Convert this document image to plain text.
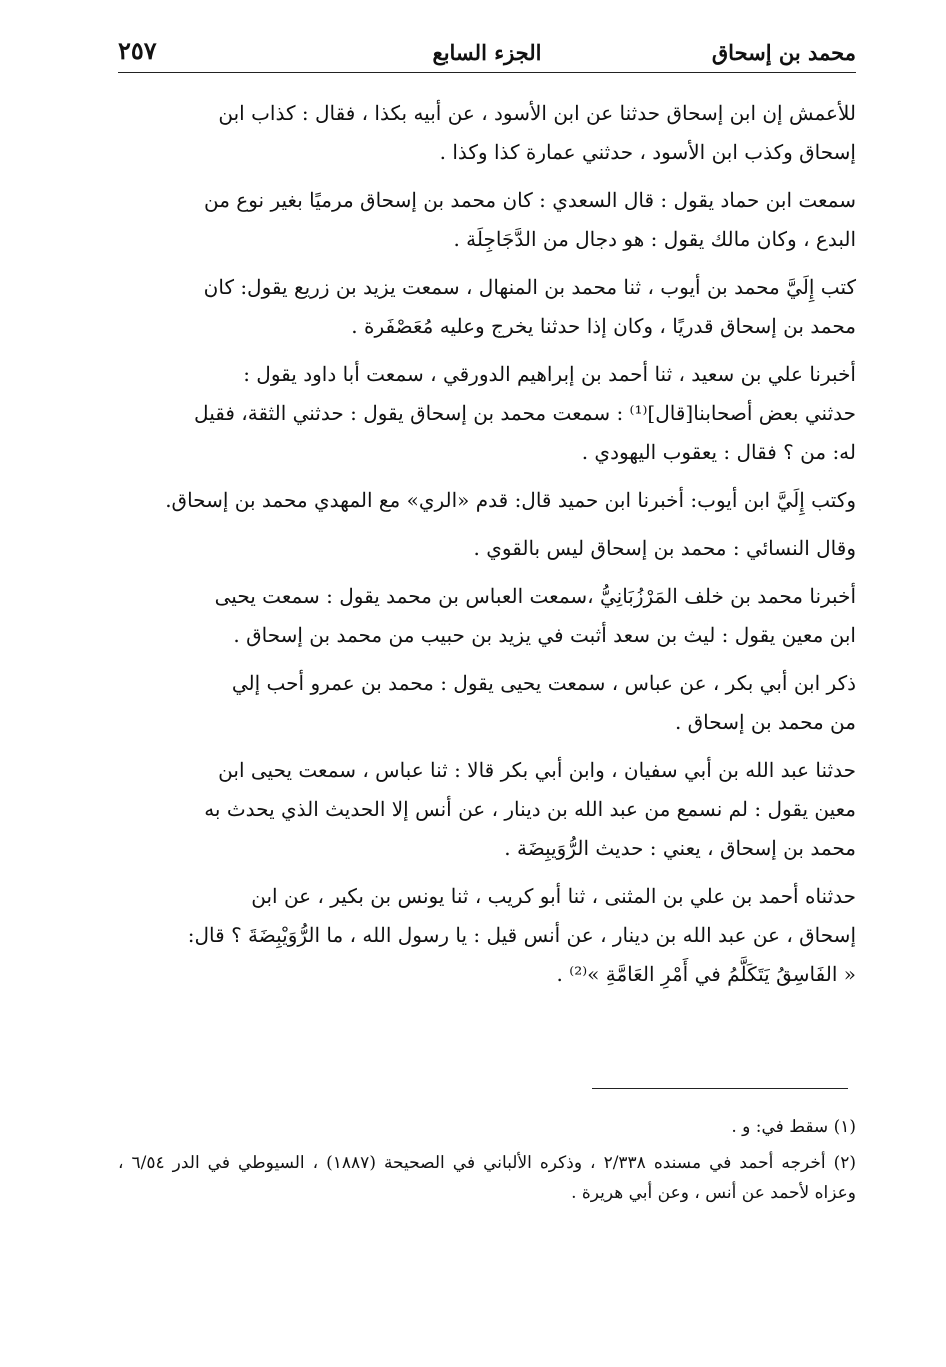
محمد بن إسحاق
الجزء السابع
٢٥٧

للأعمش إن ابن إسحاق حدثنا عن ابن الأسود ، عن أبيه بكذا ، فقال : كذاب ابن
إسحاق وكذب ابن الأسود ، حدثني عمارة كذا وكذا .

سمعت ابن حماد يقول : قال السعدي : كان محمد بن إسحاق مرميًا بغير نوع من
البدع ، وكان مالك يقول : هو دجال من الدَّجَاجِلَة .

كتب إِلَيَّ محمد بن أيوب ، ثنا محمد بن المنهال ، سمعت يزيد بن زريع يقول: كان
محمد بن إسحاق قدريًا ، وكان إذا حدثنا يخرج وعليه مُعَصْفَرة .

أخبرنا علي بن سعيد ، ثنا أحمد بن إبراهيم الدورقي ، سمعت أبا داود يقول :
حدثني بعض أصحابنا[قال]⁽¹⁾ : سمعت محمد بن إسحاق يقول : حدثني الثقة، فقيل
له: من ؟ فقال : يعقوب اليهودي .

وكتب إِلَيَّ ابن أيوب: أخبرنا ابن حميد قال: قدم «الري» مع المهدي محمد بن إسحاق.

وقال النسائي : محمد بن إسحاق ليس بالقوي .

أخبرنا محمد بن خلف المَرْزُبَانِيُّ ،سمعت العباس بن محمد يقول : سمعت يحيى
ابن معين يقول : ليث بن سعد أثبت في يزيد بن حبيب من محمد بن إسحاق .

ذكر ابن أبي بكر ، عن عباس ، سمعت يحيى يقول : محمد بن عمرو أحب إلي
من محمد بن إسحاق .

حدثنا عبد الله بن أبي سفيان ، وابن أبي بكر قالا : ثنا عباس ، سمعت يحيى ابن
معين يقول : لم نسمع من عبد الله بن دينار ، عن أنس إلا الحديث الذي يحدث به
محمد بن إسحاق ، يعني : حديث الرُّوَيبِضَة .

حدثناه أحمد بن علي بن المثنى ، ثنا أبو كريب ، ثنا يونس بن بكير ، عن ابن
إسحاق ، عن عبد الله بن دينار ، عن أنس قيل : يا رسول الله ، ما الرُّوَيْبِضَةَ ؟ قال:
« الفَاسِقُ يَتَكَلَّمُ في أَمْرِ العَامَّةِ »⁽²⁾ .

(١) سقط في: و .

(٢) أخرجه أحمد في مسنده ٢/٣٣٨ ، وذكره الألباني في الصحيحة (١٨٨٧) ، السيوطي في الدر ٦/٥٤ ، وعزاه لأحمد عن أنس ، وعن أبي هريرة .
